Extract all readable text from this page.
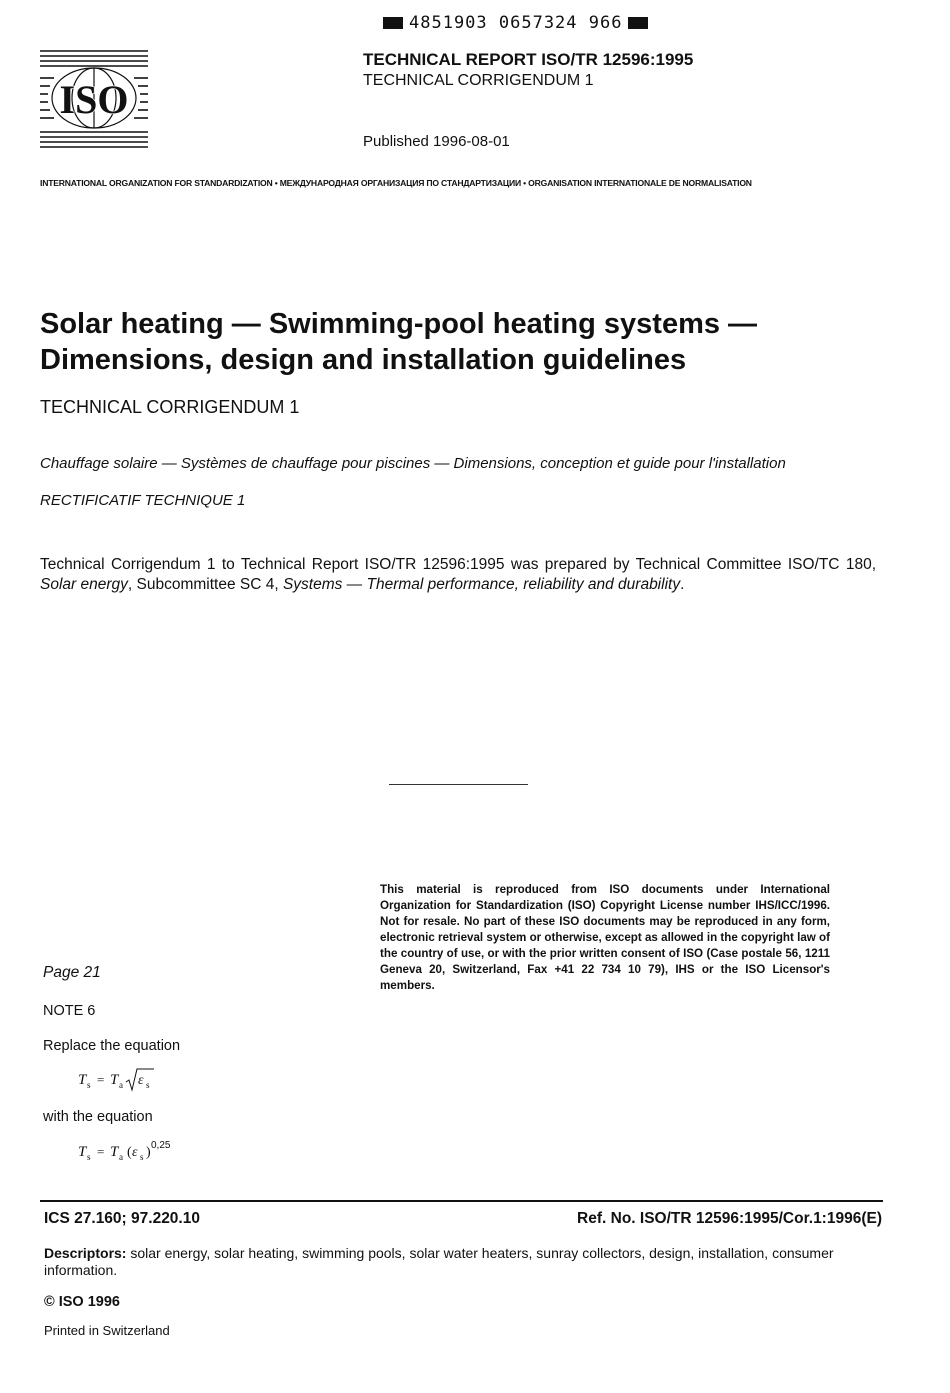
4851903 0657324 966
ISO
TECHNICAL REPORT ISO/TR 12596:1995
TECHNICAL CORRIGENDUM 1
Published 1996-08-01
INTERNATIONAL ORGANIZATION FOR STANDARDIZATION • МЕЖДУНАРОДНАЯ ОРГАНИЗАЦИЯ ПО СТАНДАРТИЗАЦИИ • ORGANISATION INTERNATIONALE DE NORMALISATION
Solar heating — Swimming-pool heating systems —
Dimensions, design and installation guidelines
TECHNICAL CORRIGENDUM 1
Chauffage solaire — Systèmes de chauffage pour piscines — Dimensions, conception et guide pour l'installation
RECTIFICATIF TECHNIQUE 1
Technical Corrigendum 1 to Technical Report ISO/TR 12596:1995 was prepared by Technical Committee ISO/TC 180, Solar energy, Subcommittee SC 4, Systems — Thermal performance, reliability and durability.
This material is reproduced from ISO documents under International Organization for Standardization (ISO) Copyright License number IHS/ICC/1996. Not for resale. No part of these ISO documents may be reproduced in any form, electronic retrieval system or otherwise, except as allowed in the copyright law of the country of use, or with the prior written consent of ISO (Case postale 56, 1211 Geneva 20, Switzerland, Fax +41 22 734 10 79), IHS or the ISO Licensor's members.
Page 21
NOTE 6
Replace the equation
T s = T a ε s
with the equation
T s = T a ( ε s ) 0,25
ICS 27.160; 97.220.10	Ref. No. ISO/TR 12596:1995/Cor.1:1996(E)
Descriptors: solar energy, solar heating, swimming pools, solar water heaters, sunray collectors, design, installation, consumer information.
© ISO 1996
Printed in Switzerland
